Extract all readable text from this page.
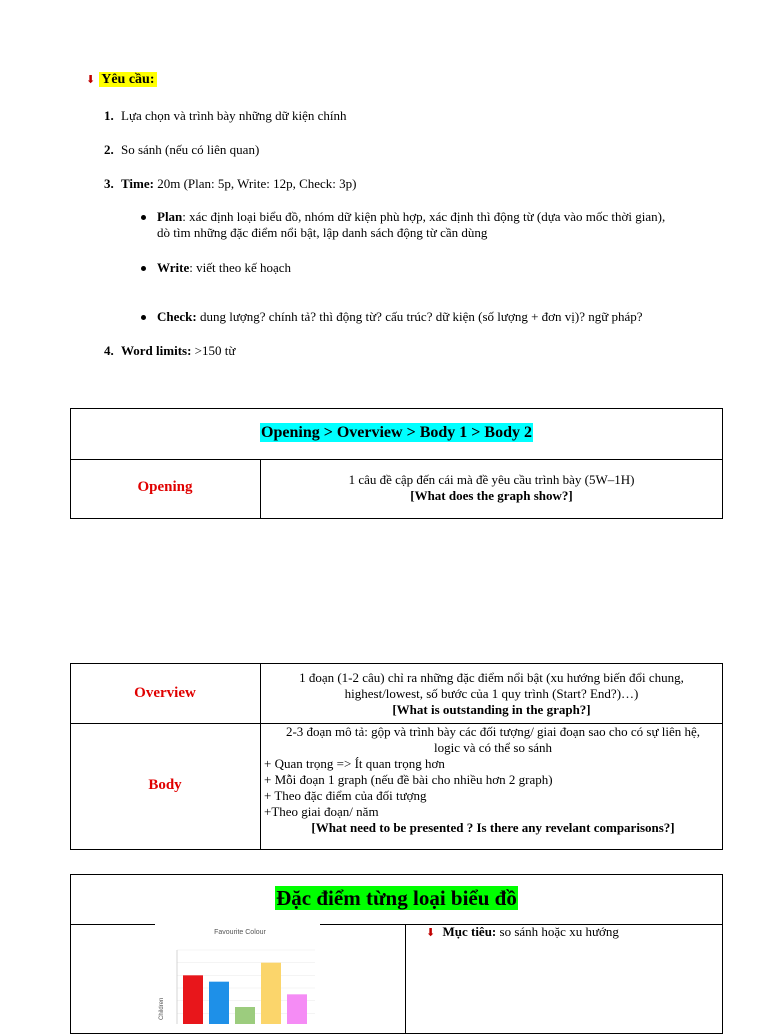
⬇ Yêu cầu:
1. Lựa chọn và trình bày những dữ kiện chính
2. So sánh (nếu có liên quan)
3. Time: 20m (Plan: 5p, Write: 12p, Check: 3p)
Plan: xác định loại biểu đồ, nhóm dữ kiện phù hợp, xác định thì động từ (dựa vào mốc thời gian),
dò tìm những đặc điểm nổi bật, lập danh sách động từ cần dùng
Write: viết theo kế hoạch
Check: dung lượng? chính tả? thì động từ? cấu trúc? dữ kiện (số lượng + đơn vị)? ngữ pháp?
4. Word limits: >150 từ
Opening > Overview > Body 1 > Body 2
Opening	1 câu đề cập đến cái mà đề yêu cầu trình bày (5W–1H)
[What does the graph show?]
Overview
1 đoạn (1-2 câu) chỉ ra những đặc điểm nổi bật (xu hướng biến đổi chung,
highest/lowest, số bước của 1 quy trình (Start? End?)…)
[What is outstanding in the graph?]
Body
2-3 đoạn mô tả: gộp và trình bày các đối tượng/ giai đoạn sao cho có sự liên hệ,
logic và có thể so sánh
+ Quan trọng => Ít quan trọng hơn
+ Mỗi đoạn 1 graph (nếu đề bài cho nhiều hơn 2 graph)
+ Theo đặc điểm của đối tượng
+Theo giai đoạn/ năm
[What need to be presented ? Is there any revelant comparisons?]
Đặc điểm từng loại biểu đồ
⬇ Mục tiêu: so sánh hoặc xu hướng
Favourite Colour
Children
